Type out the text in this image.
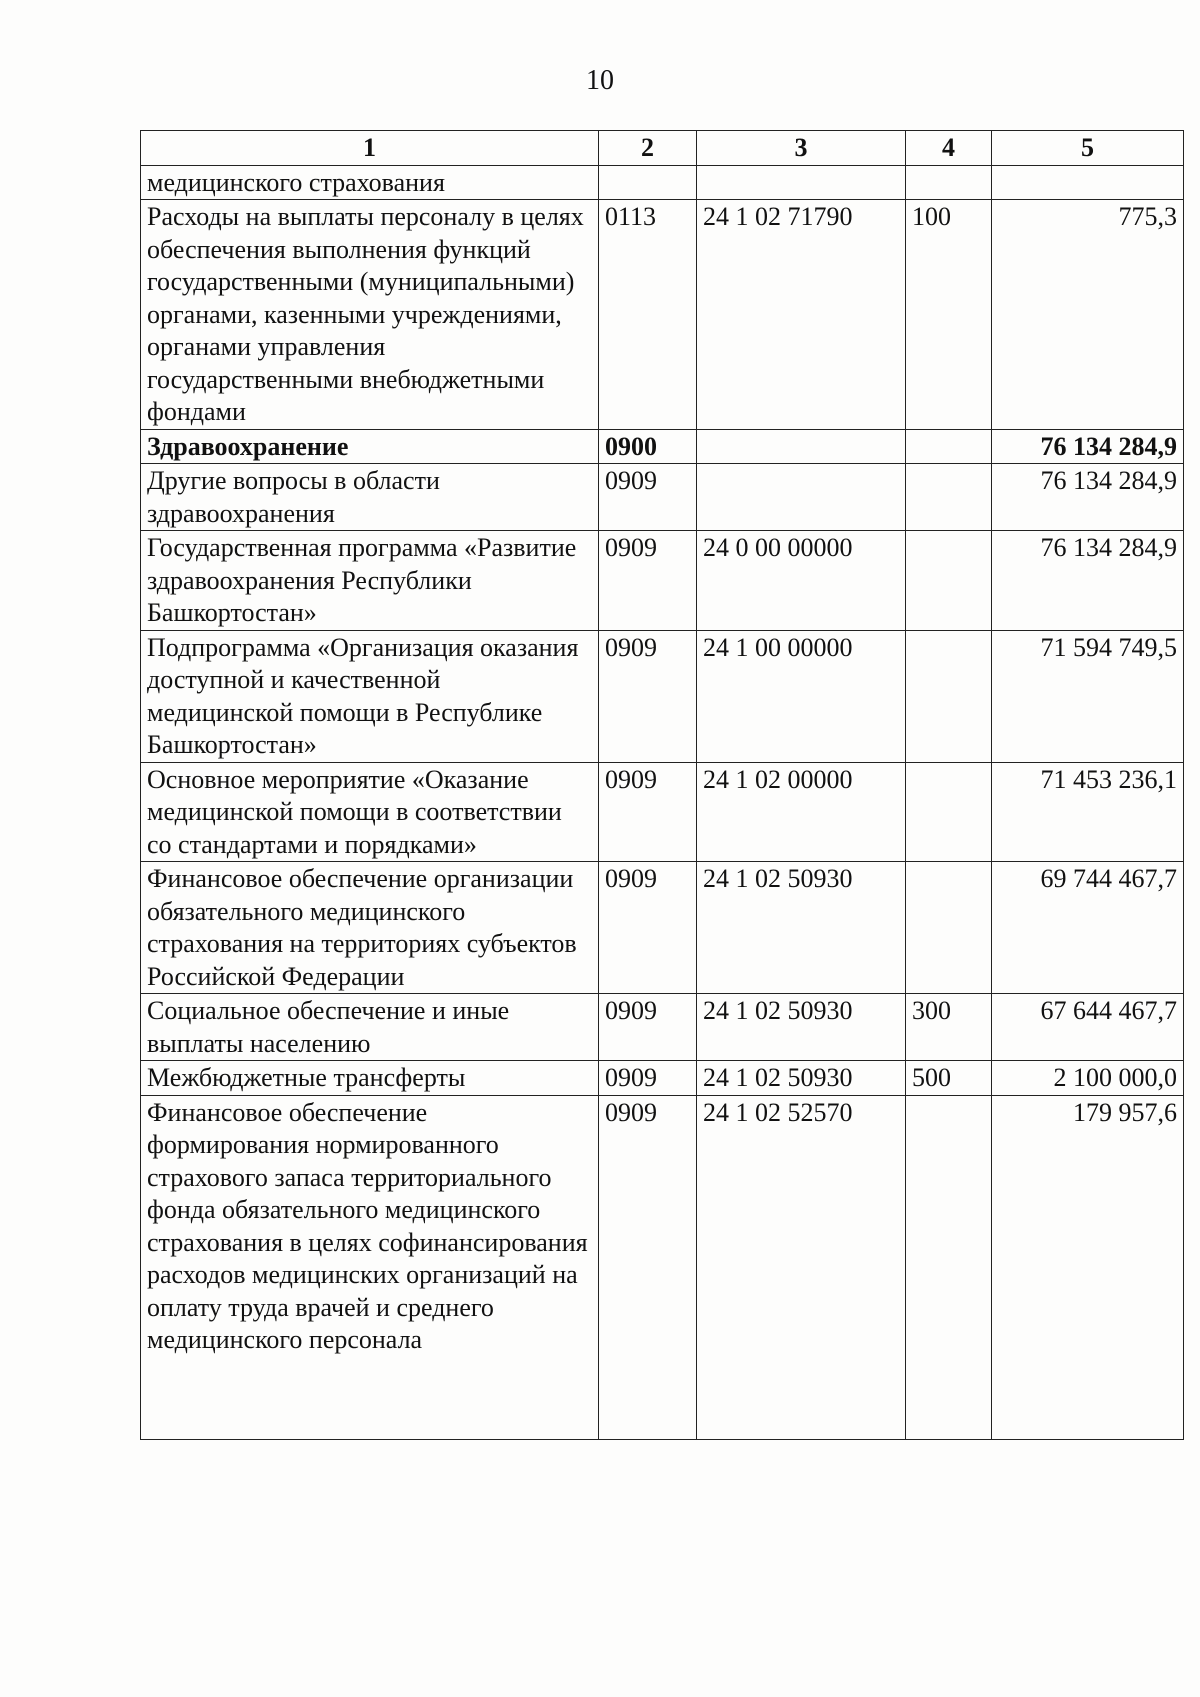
10
1	2	3	4	5
медицинского страхования				
Расходы на выплаты персоналу в целях обеспечения выполнения функций государственными (муниципальными) органами, казенными учреждениями, органами управления государственными внебюджетными фондами	0113	24 1 02 71790	100	775,3
Здравоохранение	0900			76 134 284,9
Другие вопросы в области здравоохранения	0909			76 134 284,9
Государственная программа «Развитие здравоохранения Республики Башкортостан»	0909	24 0 00 00000		76 134 284,9
Подпрограмма «Организация оказания доступной и качественной медицинской помощи в Республике Башкортостан»	0909	24 1 00 00000		71 594 749,5
Основное мероприятие «Оказание медицинской помощи в соответствии со стандартами и порядками»	0909	24 1 02 00000		71 453 236,1
Финансовое обеспечение организации обязательного медицинского страхования на территориях субъектов Российской Федерации	0909	24 1 02 50930		69 744 467,7
Социальное обеспечение и иные выплаты населению	0909	24 1 02 50930	300	67 644 467,7
Межбюджетные трансферты	0909	24 1 02 50930	500	2 100 000,0
Финансовое обеспечение формирования нормированного страхового запаса территориального фонда обязательного медицинского страхования в целях софинансирования расходов медицинских организаций на оплату труда врачей и среднего медицинского персонала	0909	24 1 02 52570		179 957,6
